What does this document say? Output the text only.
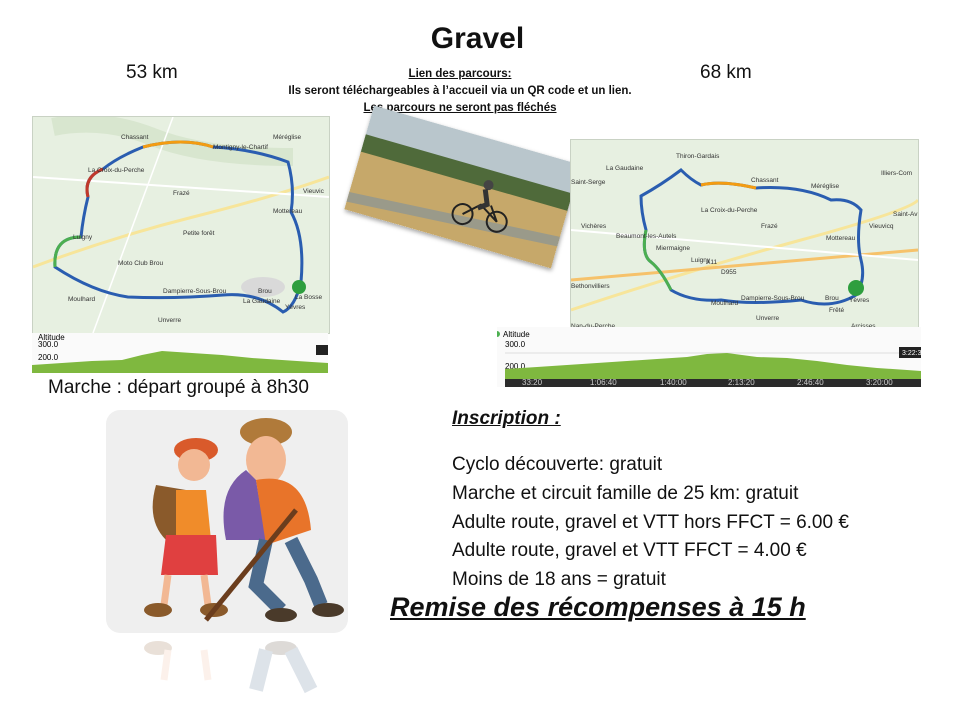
Gravel
53 km	68 km
Lien des parcours:
Ils seront téléchargeables à l’accueil via un QR code et un lien.
Les parcours ne seront pas fléchés
Chassant	Méréglise
Montigny-le-Chartif
La Croix-du-Perche
Frazé	Vieuvic
Mottereau
Petite forêt
Moto Club Brou
Dampierre-Sous-Brou	Brou
Moulhard
Unverre
Yèvres
Luigny
La Gaudaine
La Bosse
Altitude
300.0
200.0
Thiron-Gardais
La Gaudaine
Saint-Serge	Chassant
Méréglise
Illiers-Com
Saint-Av
Vieuvicq
La Croix-du-Perche
Vichères	Frazé
Beaumont-les-Autels
Miermaigne
Luigny
Mottereau
Bethonvilliers
Moulhard
Dampierre-Sous-Brou	Brou Yèvres
Unverre
Frêté
A11
D955
Altitude
300.0
200.0
3:22:3
33:20	1:06:40	1:40:00	2:13:20	2:46:40	3:20:00
Marche : départ groupé à 8h30
Inscription :
Cyclo découverte: gratuit
Marche et circuit famille de 25 km: gratuit
Adulte route, gravel et VTT hors FFCT = 6.00 €
Adulte route, gravel et VTT FFCT = 4.00 €
Moins de 18 ans = gratuit
Remise des récompenses à 15 h
